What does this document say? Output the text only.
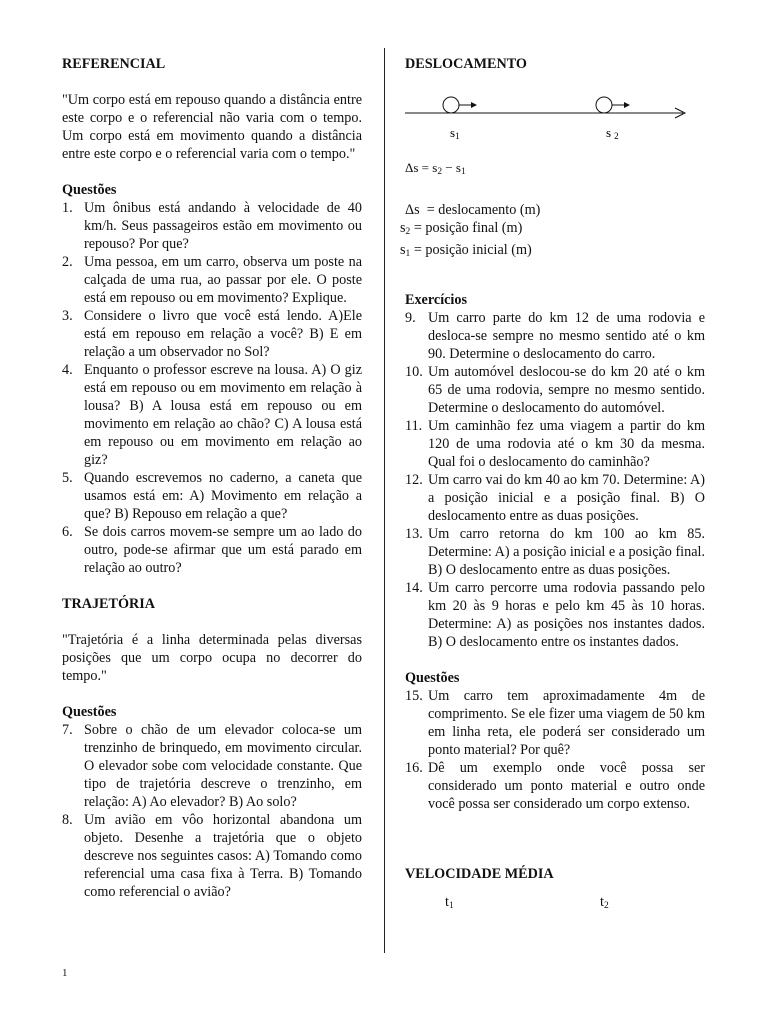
REFERENCIAL

"Um corpo está em repouso quando a distância entre este corpo e o referencial não varia com o tempo. Um corpo está em movimento quando a distância entre este corpo e o referencial varia com o tempo."

Questões
1. Um ônibus está andando à velocidade de 40 km/h. Seus passageiros estão em movimento ou repouso? Por que?
2. Uma pessoa, em um carro, observa um poste na calçada de uma rua, ao passar por ele. O poste está em repouso ou em movimento? Explique.
3. Considere o livro que você está lendo. A)Ele está em repouso em relação a você? B) E em relação a um observador no Sol?
4. Enquanto o professor escreve na lousa. A) O giz está em repouso ou em movimento em relação à lousa? B) A lousa está em repouso ou em movimento em relação ao chão? C) A lousa está em repouso ou em movimento em relação ao giz?
5. Quando escrevemos no caderno, a caneta que usamos está em: A) Movimento em relação a que? B) Repouso em relação a que?
6. Se dois carros movem-se sempre um ao lado do outro, pode-se afirmar que um está parado em relação ao outro?
TRAJETÓRIA

"Trajetória é a linha determinada pelas diversas posições que um corpo ocupa no decorrer do tempo."

Questões
7. Sobre o chão de um elevador coloca-se um trenzinho de brinquedo, em movimento circular. O elevador sobe com velocidade constante. Que tipo de trajetória descreve o trenzinho, em relação: A) Ao elevador? B) Ao solo?
8. Um avião em vôo horizontal abandona um objeto. Desenhe a trajetória que o objeto descreve nos seguintes casos: A) Tomando como referencial uma casa fixa à Terra. B) Tomando como referencial o avião?
DESLOCAMENTO
s1	s 2
$\Delta s = s_2 - s_1$
Δs  = deslocamento (m)
$s_2$ = posição final (m)
$s_1$ = posição inicial (m)
Exercícios
9. Um carro parte do km 12 de uma rodovia e desloca-se sempre no mesmo sentido até o km 90. Determine o deslocamento do carro.
10. Um automóvel deslocou-se do km 20 até o km 65 de uma rodovia, sempre no mesmo sentido. Determine o deslocamento do automóvel.
11. Um caminhão fez uma viagem a partir do km 120 de uma rodovia até o km 30 da mesma. Qual foi o deslocamento do caminhão?
12. Um carro vai do km 40 ao km 70. Determine: A) a posição inicial e a posição final. B) O deslocamento entre as duas posições.
13. Um carro retorna do km 100 ao km 85. Determine: A) a posição inicial e a posição final. B) O deslocamento entre as duas posições.
14. Um carro percorre uma rodovia passando pelo km 20 às 9 horas e pelo km 45 às 10 horas. Determine: A) as posições nos instantes dados. B) O deslocamento entre os instantes dados.
Questões
15. Um carro tem aproximadamente 4m de comprimento. Se ele fizer uma viagem de 50 km em linha reta, ele poderá ser considerado um ponto material? Por quê?
16. Dê um exemplo onde você possa ser considerado um ponto material e outro onde você possa ser considerado um corpo extenso.
VELOCIDADE MÉDIA
$t_1$	$t_2$
1
